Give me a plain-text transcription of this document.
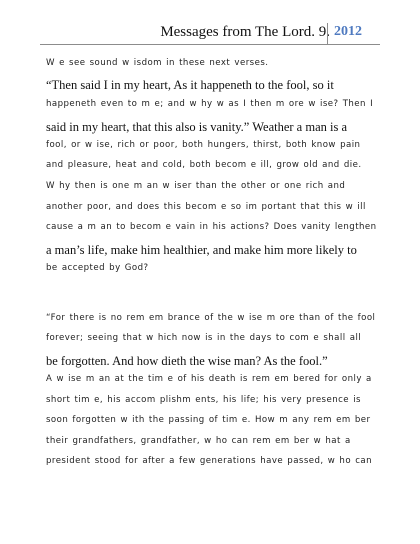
Messages from The Lord. 9. 2012
W e see sound w isdom in these next verses.
“Then said I in my heart, As it happeneth to the fool, so it
happeneth even to m e; and w hy w as I then m ore w ise? Then I
said in my heart, that this also is vanity.” Weather a man is a
fool, or w ise, rich or poor, both hungers, thirst, both know pain
and pleasure, heat and cold, both becom e ill, grow old and die.
W hy then is one m an w iser than the other or one rich and
another poor, and does this becom e so im portant that this w ill
cause a m an to becom e vain in his actions? Does vanity lengthen
a man’s life, make him healthier, and make him more likely to
be accepted by God?
“For there is no rem em brance of the w ise m ore than of the fool
forever; seeing that w hich now is in the days to com e shall all
be forgotten. And how dieth the wise man? As the fool.”
A w ise m an at the tim e of his death is rem em bered for only a
short tim e, his accom plishm ents, his life; his very presence is
soon forgotten w ith the passing of tim e. How m any rem em ber
their grandfathers, grandfather, w ho can rem em ber w hat a
president stood for after a few generations have passed, w ho can
